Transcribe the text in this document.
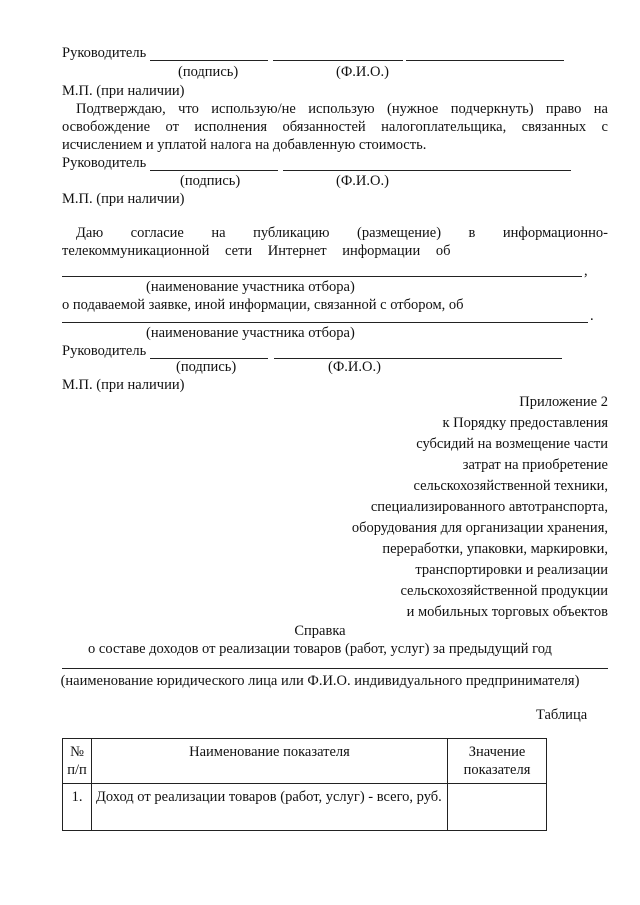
Руководитель
(подпись)	(Ф.И.О.)
М.П. (при наличии)
Подтверждаю, что использую/не использую (нужное подчеркнуть) право на
освобождение от исполнения обязанностей налогоплательщика, связанных с
исчислением и уплатой налога на добавленную стоимость.
Руководитель
(подпись)	(Ф.И.О.)
М.П. (при наличии)
Даю согласие на публикацию (размещение) в информационно-
телекоммуникационной сети Интернет информации об
,
(наименование участника отбора)
о подаваемой заявке, иной информации, связанной с отбором, об
.
(наименование участника отбора)
Руководитель
(подпись)	(Ф.И.О.)
М.П. (при наличии)
Приложение 2
к Порядку предоставления
субсидий на возмещение части
затрат на приобретение
сельскохозяйственной техники,
специализированного автотранспорта,
оборудования для организации хранения,
переработки, упаковки, маркировки,
транспортировки и реализации
сельскохозяйственной продукции
и мобильных торговых объектов
Справка
о составе доходов от реализации товаров (работ, услуг) за предыдущий год
(наименование юридического лица или Ф.И.О. индивидуального предпринимателя)
Таблица
№ п/п	Наименование показателя	Значение показателя
1.	Доход от реализации товаров (работ, услуг) - всего, руб.	
